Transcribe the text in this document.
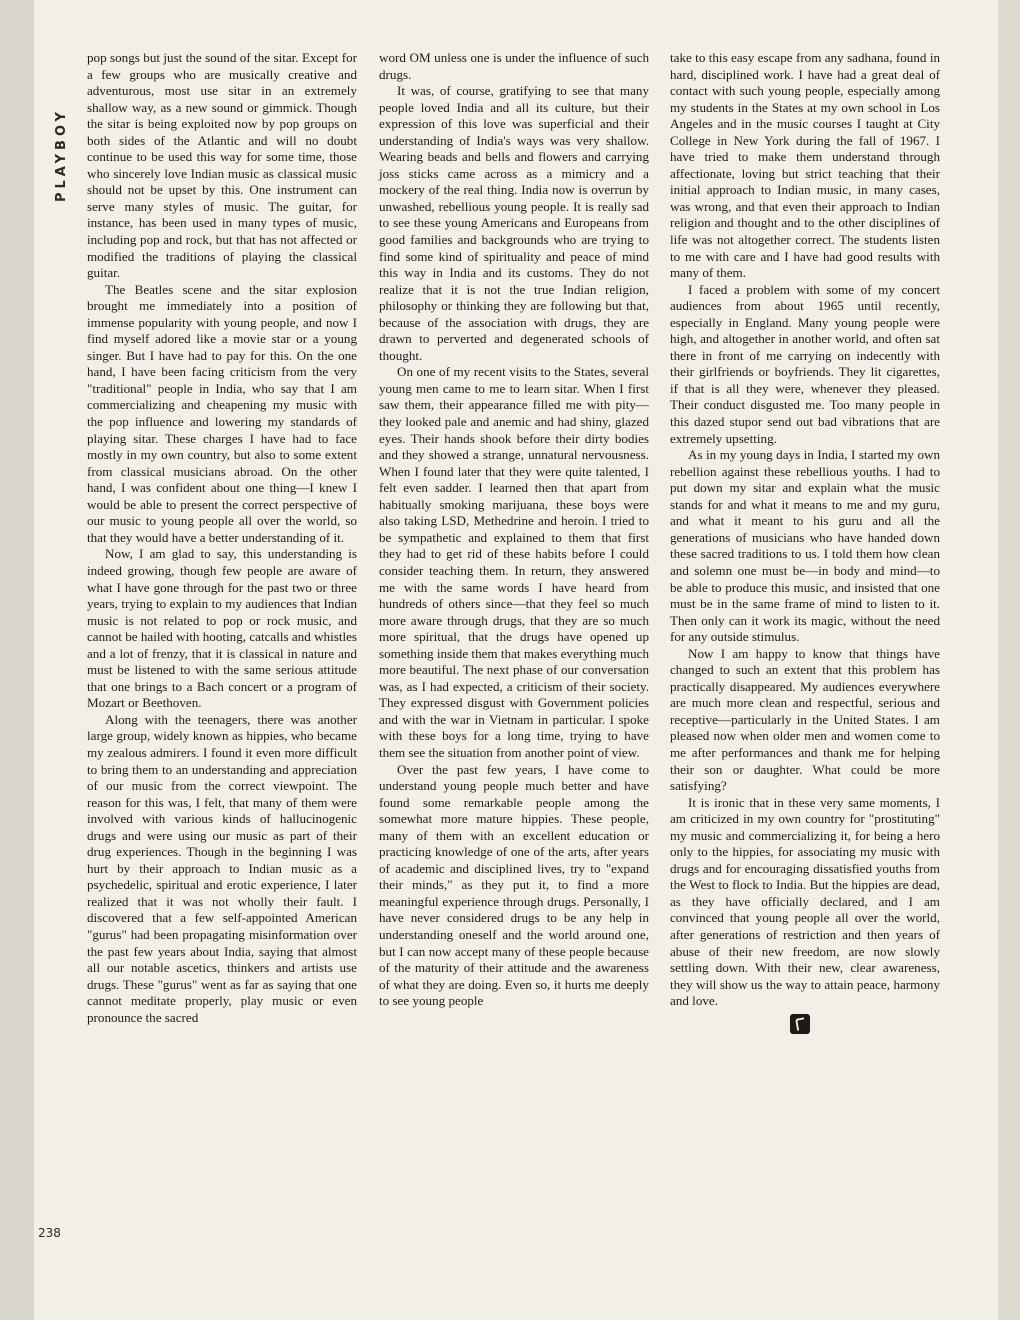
PLAYBOY
238

pop songs but just the sound of the sitar. Except for a few groups who are musically creative and adventurous, most use sitar in an extremely shallow way, as a new sound or gimmick. Though the sitar is being exploited now by pop groups on both sides of the Atlantic and will no doubt continue to be used this way for some time, those who sincerely love Indian music as classical music should not be upset by this. One instrument can serve many styles of music. The guitar, for instance, has been used in many types of music, including pop and rock, but that has not affected or modified the traditions of playing the classical guitar.

The Beatles scene and the sitar explosion brought me immediately into a position of immense popularity with young people, and now I find myself adored like a movie star or a young singer. But I have had to pay for this. On the one hand, I have been facing criticism from the very "traditional" people in India, who say that I am commercializing and cheapening my music with the pop influence and lowering my standards of playing sitar. These charges I have had to face mostly in my own country, but also to some extent from classical musicians abroad. On the other hand, I was confident about one thing—I knew I would be able to present the correct perspective of our music to young people all over the world, so that they would have a better understanding of it.

Now, I am glad to say, this understanding is indeed growing, though few people are aware of what I have gone through for the past two or three years, trying to explain to my audiences that Indian music is not related to pop or rock music, and cannot be hailed with hooting, catcalls and whistles and a lot of frenzy, that it is classical in nature and must be listened to with the same serious attitude that one brings to a Bach concert or a program of Mozart or Beethoven.

Along with the teenagers, there was another large group, widely known as hippies, who became my zealous admirers. I found it even more difficult to bring them to an understanding and appreciation of our music from the correct viewpoint. The reason for this was, I felt, that many of them were involved with various kinds of hallucinogenic drugs and were using our music as part of their drug experiences. Though in the beginning I was hurt by their approach to Indian music as a psychedelic, spiritual and erotic experience, I later realized that it was not wholly their fault. I discovered that a few self-appointed American "gurus" had been propagating misinformation over the past few years about India, saying that almost all our notable ascetics, thinkers and artists use drugs. These "gurus" went as far as saying that one cannot meditate properly, play music or even pronounce the sacred

word OM unless one is under the influence of such drugs.

It was, of course, gratifying to see that many people loved India and all its culture, but their expression of this love was superficial and their understanding of India's ways was very shallow. Wearing beads and bells and flowers and carrying joss sticks came across as a mimicry and a mockery of the real thing. India now is overrun by unwashed, rebellious young people. It is really sad to see these young Americans and Europeans from good families and backgrounds who are trying to find some kind of spirituality and peace of mind this way in India and its customs. They do not realize that it is not the true Indian religion, philosophy or thinking they are following but that, because of the association with drugs, they are drawn to perverted and degenerated schools of thought.

On one of my recent visits to the States, several young men came to me to learn sitar. When I first saw them, their appearance filled me with pity—they looked pale and anemic and had shiny, glazed eyes. Their hands shook before their dirty bodies and they showed a strange, unnatural nervousness. When I found later that they were quite talented, I felt even sadder. I learned then that apart from habitually smoking marijuana, these boys were also taking LSD, Methedrine and heroin. I tried to be sympathetic and explained to them that first they had to get rid of these habits before I could consider teaching them. In return, they answered me with the same words I have heard from hundreds of others since—that they feel so much more aware through drugs, that they are so much more spiritual, that the drugs have opened up something inside them that makes everything much more beautiful. The next phase of our conversation was, as I had expected, a criticism of their society. They expressed disgust with Government policies and with the war in Vietnam in particular. I spoke with these boys for a long time, trying to have them see the situation from another point of view.

Over the past few years, I have come to understand young people much better and have found some remarkable people among the somewhat more mature hippies. These people, many of them with an excellent education or practicing knowledge of one of the arts, after years of academic and disciplined lives, try to "expand their minds," as they put it, to find a more meaningful experience through drugs. Personally, I have never considered drugs to be any help in understanding oneself and the world around one, but I can now accept many of these people because of the maturity of their attitude and the awareness of what they are doing. Even so, it hurts me deeply to see young people

take to this easy escape from any sadhana, found in hard, disciplined work. I have had a great deal of contact with such young people, especially among my students in the States at my own school in Los Angeles and in the music courses I taught at City College in New York during the fall of 1967. I have tried to make them understand through affectionate, loving but strict teaching that their initial approach to Indian music, in many cases, was wrong, and that even their approach to Indian religion and thought and to the other disciplines of life was not altogether correct. The students listen to me with care and I have had good results with many of them.

I faced a problem with some of my concert audiences from about 1965 until recently, especially in England. Many young people were high, and altogether in another world, and often sat there in front of me carrying on indecently with their girlfriends or boyfriends. They lit cigarettes, if that is all they were, whenever they pleased. Their conduct disgusted me. Too many people in this dazed stupor send out bad vibrations that are extremely upsetting.

As in my young days in India, I started my own rebellion against these rebellious youths. I had to put down my sitar and explain what the music stands for and what it means to me and my guru, and what it meant to his guru and all the generations of musicians who have handed down these sacred traditions to us. I told them how clean and solemn one must be—in body and mind—to be able to produce this music, and insisted that one must be in the same frame of mind to listen to it. Then only can it work its magic, without the need for any outside stimulus.

Now I am happy to know that things have changed to such an extent that this problem has practically disappeared. My audiences everywhere are much more clean and respectful, serious and receptive—particularly in the United States. I am pleased now when older men and women come to me after performances and thank me for helping their son or daughter. What could be more satisfying?

It is ironic that in these very same moments, I am criticized in my own country for "prostituting" my music and commercializing it, for being a hero only to the hippies, for associating my music with drugs and for encouraging dissatisfied youths from the West to flock to India. But the hippies are dead, as they have officially declared, and I am convinced that young people all over the world, after generations of restriction and then years of abuse of their new freedom, are now slowly settling down. With their new, clear awareness, they will show us the way to attain peace, harmony and love.
